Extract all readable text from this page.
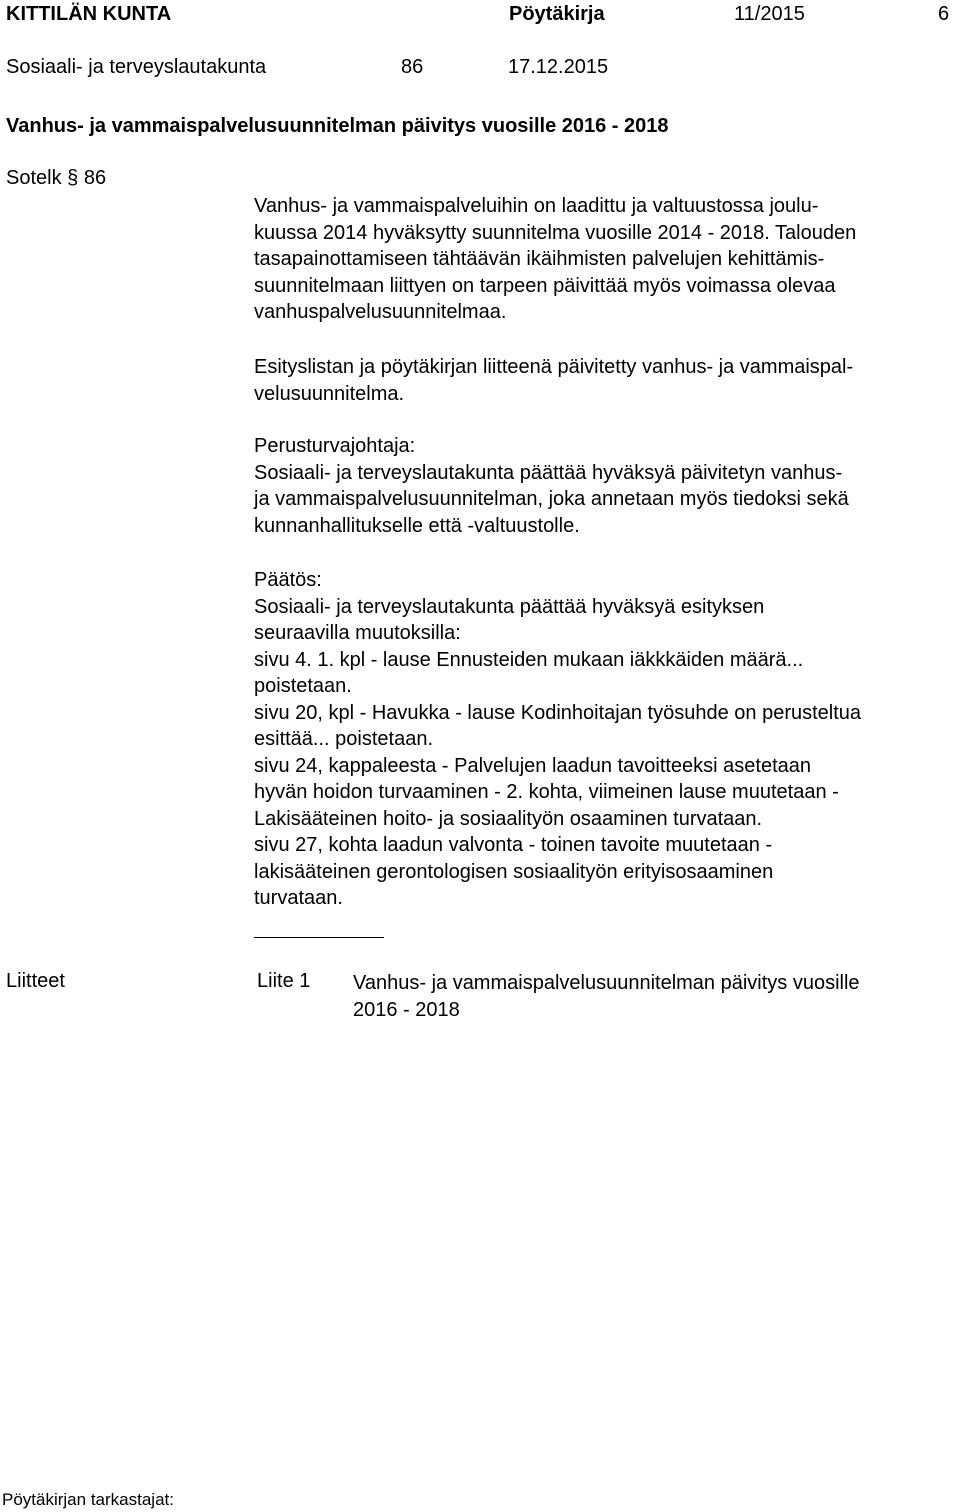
KITTILÄN KUNTA	Pöytäkirja	11/2015	6
Sosiaali- ja terveyslautakunta	86	17.12.2015
Vanhus- ja vammaispalvelusuunnitelman päivitys vuosille 2016 - 2018
Sotelk § 86
Vanhus- ja vammaispalveluihin on laadittu ja valtuustossa joulu-
kuussa 2014 hyväksytty suunnitelma vuosille 2014 - 2018. Talouden
tasapainottamiseen tähtäävän ikäihmisten palvelujen kehittämis-
suunnitelmaan liittyen on tarpeen päivittää myös voimassa olevaa
vanhuspalvelusuunnitelmaa.
Esityslistan ja pöytäkirjan liitteenä päivitetty vanhus- ja vammaispal-
velusuunnitelma.
Perusturvajohtaja:
Sosiaali- ja terveyslautakunta päättää hyväksyä päivitetyn vanhus-
ja vammaispalvelusuunnitelman, joka annetaan myös tiedoksi sekä
kunnanhallitukselle että -valtuustolle.
Päätös:
Sosiaali- ja terveyslautakunta päättää hyväksyä esityksen
seuraavilla muutoksilla:
sivu 4. 1. kpl - lause Ennusteiden mukaan iäkkkäiden määrä...
poistetaan.
sivu 20, kpl - Havukka - lause Kodinhoitajan työsuhde on perusteltua
esittää... poistetaan.
sivu 24, kappaleesta - Palvelujen laadun tavoitteeksi asetetaan
hyvän hoidon turvaaminen - 2. kohta, viimeinen lause muutetaan -
Lakisääteinen hoito- ja sosiaalityön osaaminen turvataan.
sivu 27, kohta laadun valvonta - toinen tavoite muutetaan -
lakisääteinen gerontologisen sosiaalityön erityisosaaminen
turvataan.
Liitteet	Liite 1 Vanhus- ja vammaispalvelusuunnitelman päivitys vuosille
2016 - 2018
Pöytäkirjan tarkastajat:
